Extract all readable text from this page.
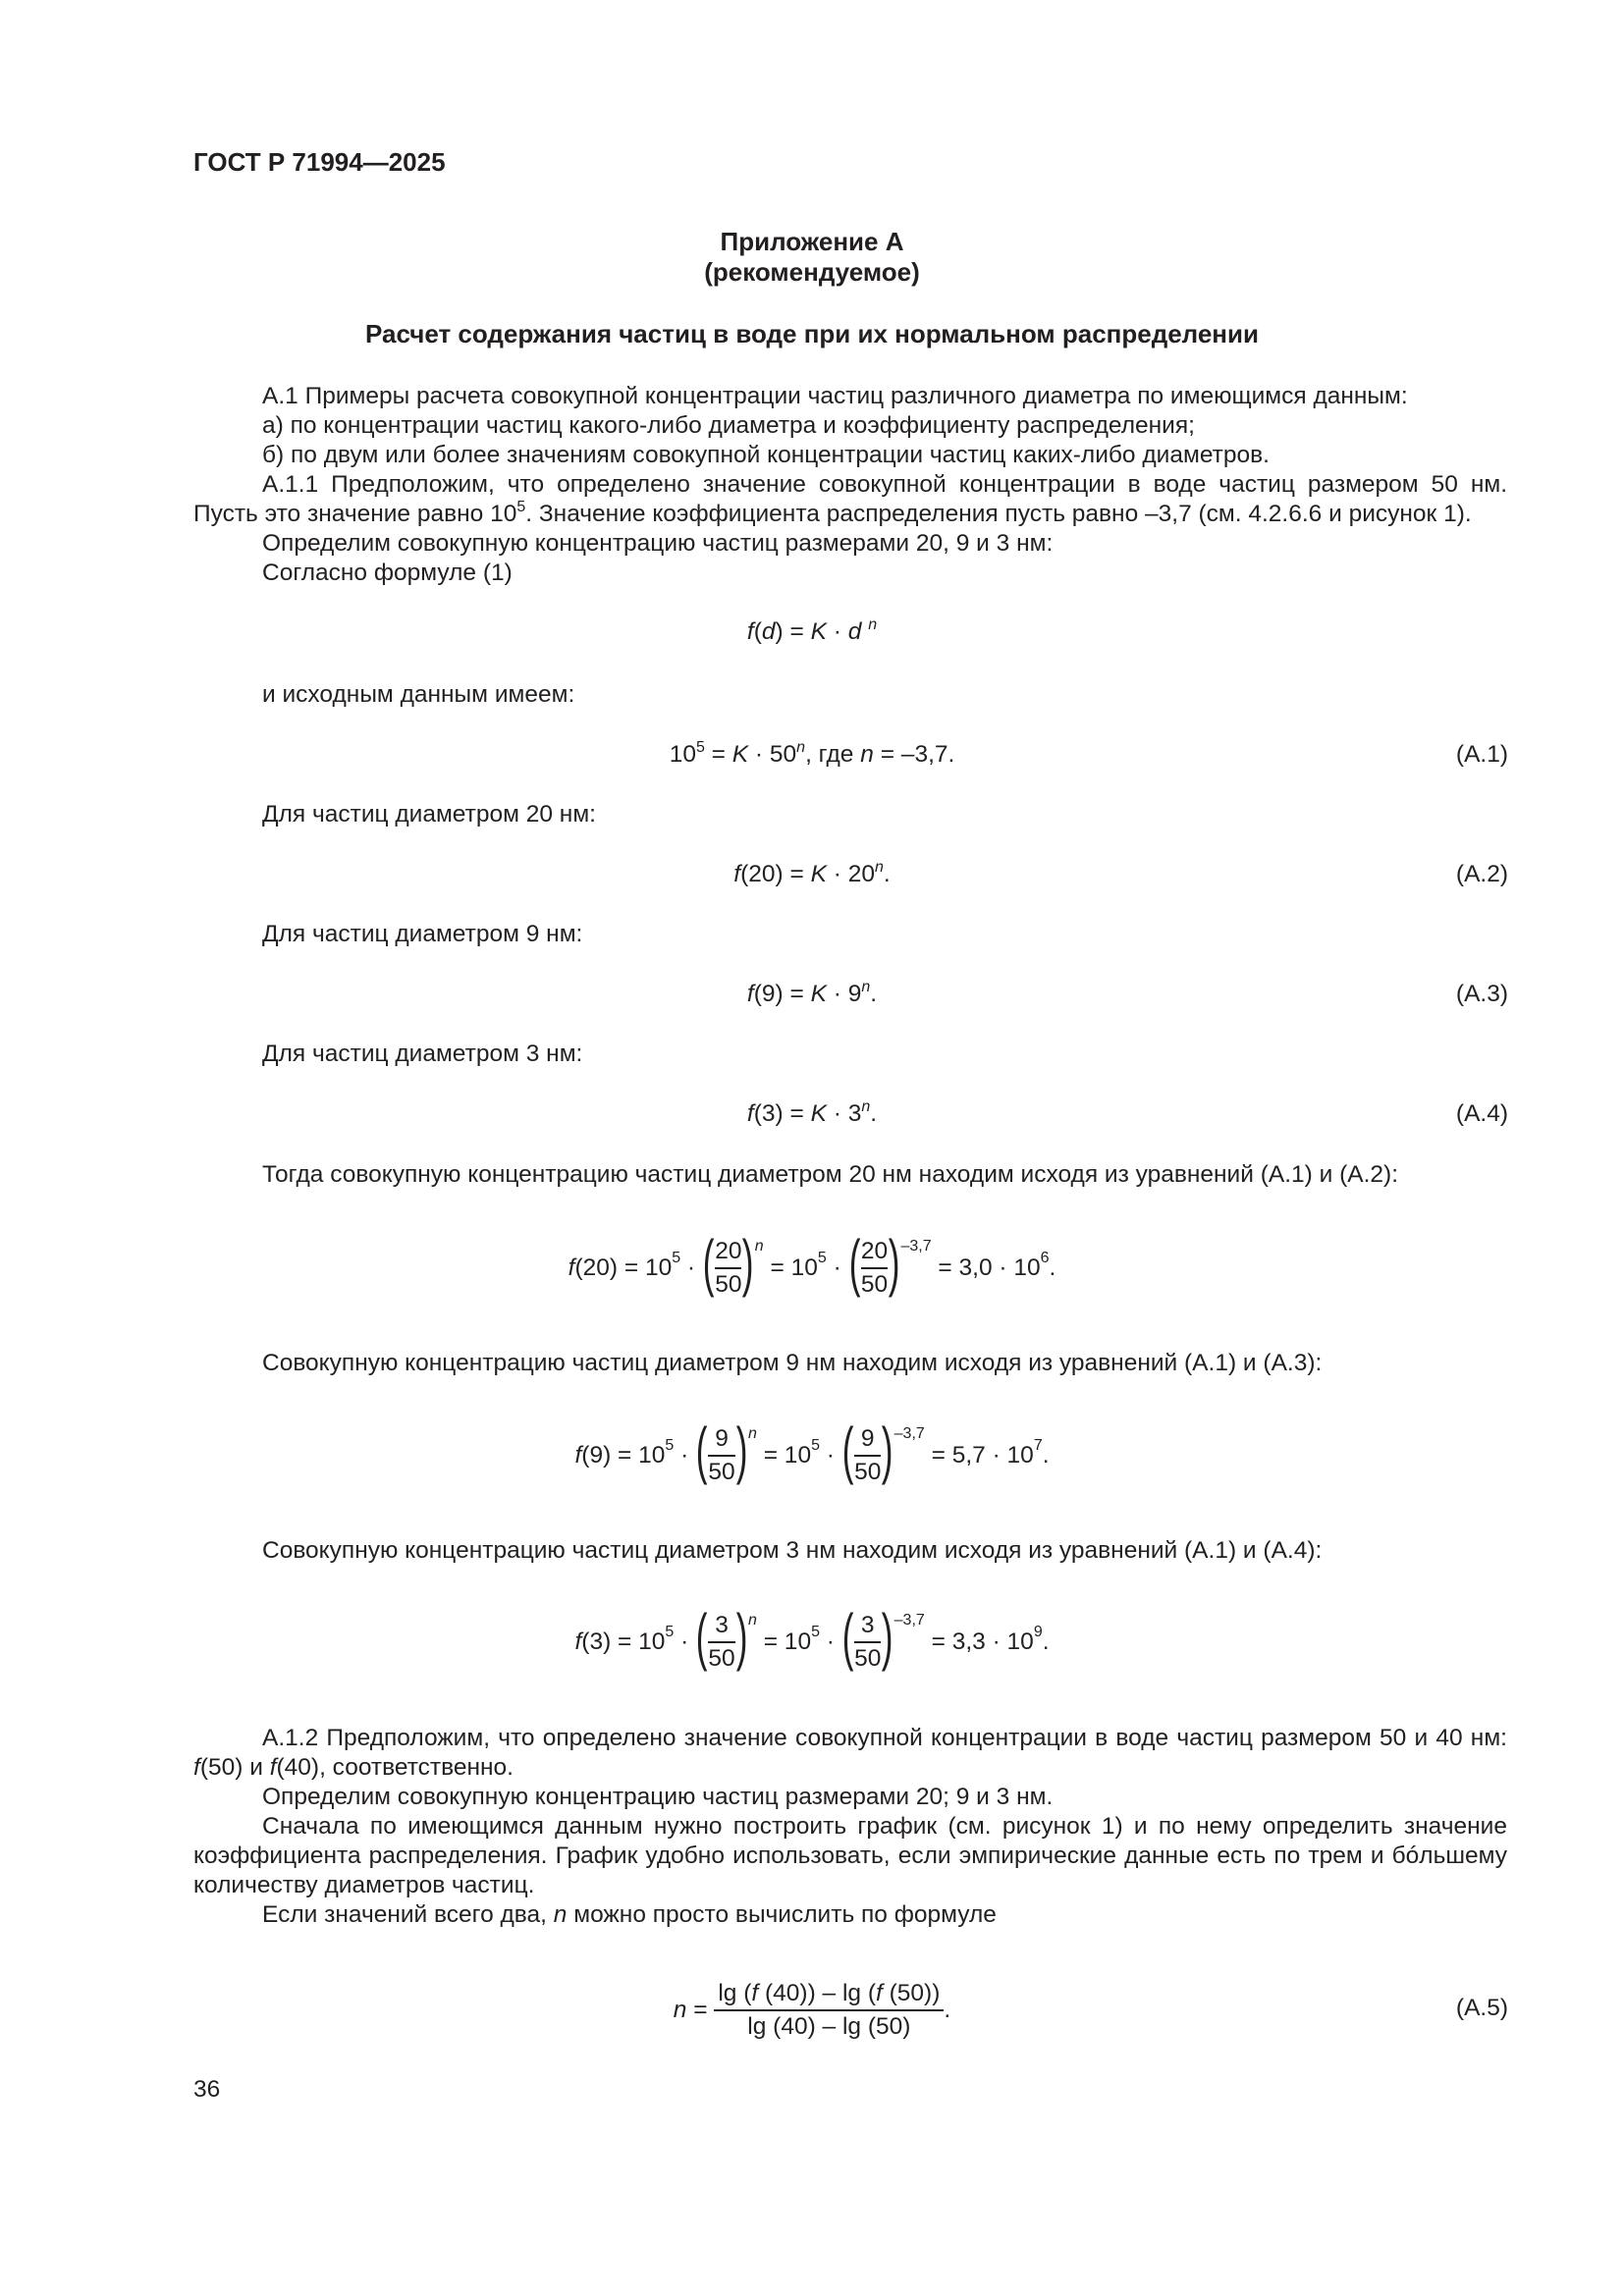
ГОСТ Р 71994—2025
Приложение А
(рекомендуемое)
Расчет содержания частиц в воде при их нормальном распределении
А.1 Примеры расчета совокупной концентрации частиц различного диаметра по имеющимся данным:
а) по концентрации частиц какого-либо диаметра и коэффициенту распределения;
б) по двум или более значениям совокупной концентрации частиц каких-либо диаметров.
А.1.1 Предположим, что определено значение совокупной концентрации в воде частиц размером 50 нм.
Пусть это значение равно $10^5$. Значение коэффициента распределения пусть равно –3,7 (см. 4.2.6.6 и рисунок 1).
Определим совокупную концентрацию частиц размерами 20, 9 и 3 нм:
Согласно формуле (1)
f(d) = K · d $^n$
и исходным данным имеем:
$10^5 = K \cdot 50^n$, где n = –3,7.	(А.1)
Для частиц диаметром 20 нм:
$f(20) = K \cdot 20^n$.	(А.2)
Для частиц диаметром 9 нм:
$f(9) = K \cdot 9^n$.	(А.3)
Для частиц диаметром 3 нм:
$f(3) = K \cdot 3^n$.	(А.4)
Тогда совокупную концентрацию частиц диаметром 20 нм находим исходя из уравнений (А.1) и (А.2):
$f(20) = 10^5$ · ( $\frac{20}{50}$ ) $^n$
= $10^5$ · ( $\frac{20}{50} )^{-3,7}$
= $3,0 \cdot 10^6$ .
Совокупную концентрацию частиц диаметром 9 нм находим исходя из уравнений (А.1) и (А.3):
$f(9) = 10^5$ · ( $\frac{9}{50}$ ) $^n$
= $10^5$ · ( $\frac{9}{50} )^{-3,7}$
= $5,7 \cdot 10^7$ .
Совокупную концентрацию частиц диаметром 3 нм находим исходя из уравнений (А.1) и (А.4):
$f(3) = 10^5$ · ( $\frac{3}{50}$ ) $^n$
= $10^5$ · ( $\frac{3}{50} )^{-3,7}$
= $3,3 \cdot 10^9$ .
А.1.2 Предположим, что определено значение совокупной концентрации в воде частиц размером 50 и 40 нм:
f(50) и f(40), соответственно.
Определим совокупную концентрацию частиц размерами 20; 9 и 3 нм.
Сначала по имеющимся данным нужно построить график (см. рисунок 1) и по нему определить значение коэффициента распределения. График удобно использовать, если эмпирические данные есть по трем и бóльшему количеству диаметров частиц.
Если значений всего два, n можно просто вычислить по формуле
$n = \frac{\lg (f (40)) - \lg (f (50))}{\lg (40) - \lg (50)}$ .	(А.5)
36
